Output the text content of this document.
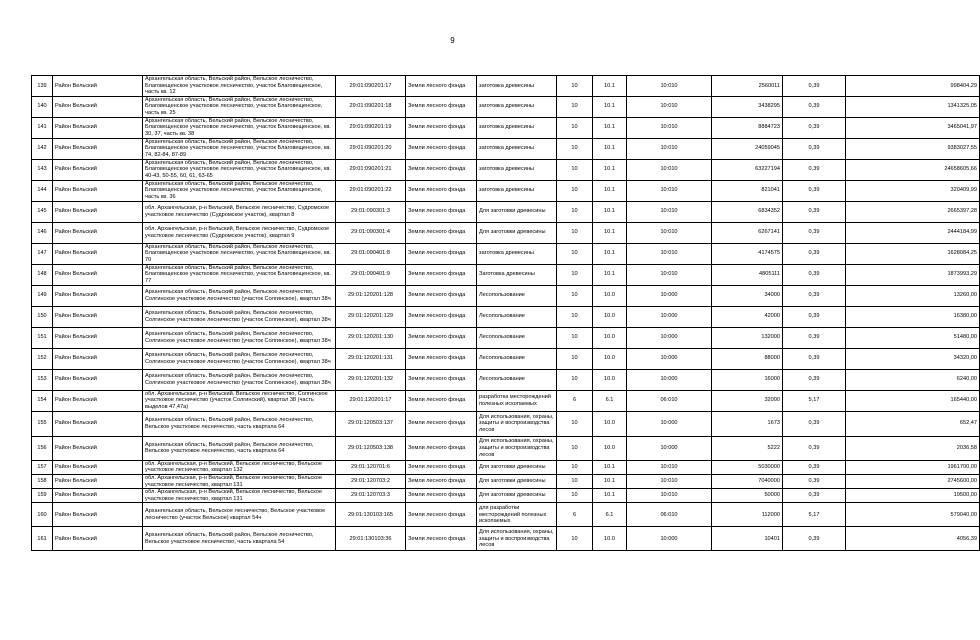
9
139	Район Вельский	Архангельская область, Вельский район, Вельское лесничество, Благовещенское участковое лесничество, участок Благовещенское, часть кв. 12	29:01:090201:17	Земли лесного фонда	заготовка древесины	10	10.1	10:010	2560011	0,39	998404,29
140	Район Вельский	Архангельская область, Вельский район, Вельское лесничество, Благовещенское участковое лесничество, участок Благовещенское, часть кв. 25	29:01:090201:18	Земли лесного фонда	заготовка древесины	10	10.1	10:010	3438295	0,39	1341325,05
141	Район Вельский	Архангельская область, Вельский район, Вельское лесничество, Благовещенское участковое лесничество, участок Благовещенское, кв. 30, 37, часть кв. 38	29:01:090201:19	Земли лесного фонда	заготовка древесины	10	10.1	10:010	8884723	0,39	3465041,97
142	Район Вельский	Архангельская область, Вельский район, Вельское лесничество, Благовещенское участковое лесничество, участок Благовещенское, кв. 74, 82-84, 87-89	29:01:090201:20	Земли лесного фонда	заготовка древесины	10	10.1	10:010	24059045	0,39	9383027,55
143	Район Вельский	Архангельская область, Вельский район, Вельское лесничество, Благовещенское участковое лесничество, участок Благовещенское, кв. 40-43, 50-55, 60, 61, 63-65	29:01:090201:21	Земли лесного фонда	заготовка древесины	10	10.1	10:010	63227194	0,39	24658605,66
144	Район Вельский	Архангельская область, Вельский район, Вельское лесничество, Благовещенское участковое лесничество, участок Благовещенское, часть кв. 36	29:01:090201:22	Земли лесного фонда	заготовка древесины	10	10.1	10:010	821041	0,39	320409,99
145	Район Вельский	обл. Архангельская, р-н Вельский, Вельское лесничество, Судромское участковое лесничество (Судромское участок), квартал 8	29:01:090301:3	Земли лесного фонда	Для заготовки древесины	10	10.1	10:010	6834352	0,39	2665397,28
146	Район Вельский	обл. Архангельская, р-н Вельский, Вельское лесничество, Судромское участковое лесничество (Судромское участок), квартал 9	29:01:090301:4	Земли лесного фонда	Для заготовки древесины	10	10.1	10:010	6267141	0,39	2444184,99
147	Район Вельский	Архангельская область, Вельский район, Вельское лесничество, Благовещенское участковое лесничество, участок Благовещенское, кв. 70	29:01:090401:8	Земли лесного фонда	заготовка древесины	10	10.1	10:010	4174575	0,39	1628084,25
148	Район Вельский	Архангельская область, Вельский район, Вельское лесничество, Благовещенское участковое лесничество, участок Благовещенское, кв. 77	29:01:090401:9	Земли лесного фонда	Заготовка древесины	10	10.1	10:010	4805111	0,39	1873993,29
149	Район Вельский	Архангельская область, Вельский район, Вельское лесничество, Солгинское участковое лесничество (участок Солгинское), квартал 38ч	29:01:120201:128	Земли лесного фонда	Лесопользование	10	10.0	10:000	34000	0,39	13260,00
150	Район Вельский	Архангельская область, Вельский район, Вельское лесничество, Солгинское участковое лесничество (участок Солгинское), квартал 38ч	29:01:120201:129	Земли лесного фонда	Лесопользование	10	10.0	10:000	42000	0,39	16380,00
151	Район Вельский	Архангельская область, Вельский район, Вельское лесничество, Солгинское участковое лесничество (участок Солгинское), квартал 38ч	29:01:120201:130	Земли лесного фонда	Лесопользование	10	10.0	10:000	132000	0,39	51480,00
152	Район Вельский	Архангельская область, Вельский район, Вельское лесничество, Солгинское участковое лесничество (участок Солгинское), квартал 38ч	29:01:120201:131	Земли лесного фонда	Лесопользование	10	10.0	10:000	88000	0,39	34320,00
153	Район Вельский	Архангельская область, Вельский район, Вельское лесничество, Солгинское участковое лесничество (участок Солгинское), квартал 38ч	29:01:120201:132	Земли лесного фонда	Лесопользование	10	10.0	10:000	16000	0,39	6240,00
154	Район Вельский	обл. Архангельская, р-н Вельский, Вельское лесничество, Солгинское участковое лесничество (участок Солгинский), квартал 38 (часть выделов 47,47а)	29:01:120201:17	Земли лесного фонда	разработка месторождений полезных ископаемых	6	6.1	06:010	32000	5,17	165440,00
155	Район Вельский	Архангельская область, Вельский район, Вельское лесничество, Вельское участковое лесничество, часть квартала 64	29:01:120503:137	Земли лесного фонда	Для использования, охраны, защиты и воспроизводства лесов	10	10.0	10:000	1673	0,39	652,47
156	Район Вельский	Архангельская область, Вельский район, Вельское лесничество, Вельское участковое лесничество, часть квартала 64	29:01:120503:138	Земли лесного фонда	Для использования, охраны, защиты и воспроизводства лесов	10	10.0	10:000	5222	0,39	2036,58
157	Район Вельский	обл. Архангельская, р-н Вельский, Вельское лесничество, Вельское участковое лесничество, квартал 132	29:01:120701:6	Земли лесного фонда	Для заготовки древесины	10	10.1	10:010	5030000	0,39	1961700,00
158	Район Вельский	обл. Архангельская, р-н Вельский, Вельское лесничество, Вельское участковое лесничество, квартал 131	29:01:120703:2	Земли лесного фонда	Для заготовки древесины	10	10.1	10:010	7040000	0,39	2745600,00
159	Район Вельский	обл. Архангельская, р-н Вельский, Вельское лесничество, Вельское участковое лесничество, квартал 131	29:01:120703:3	Земли лесного фонда	Для заготовки древесины	10	10.1	10:010	50000	0,39	19500,00
160	Район Вельский	Архангельская область, Вельское лесничество, Вельское участковое лесничество (участок Вельское) квартал 54ч	29:01:130103:165	Земли лесного фонда	для разработки месторождений полезных ископаемых	6	6.1	06:010	112000	5,17	579040,00
161	Район Вельский	Архангельская область, Вельский район, Вельское лесничество, Вельское участковое лесничество, часть квартала 54	29:01:130103:36	Земли лесного фонда	Для использования, охраны, защиты и воспроизводства лесов	10	10.0	10:000	10401	0,39	4056,39
